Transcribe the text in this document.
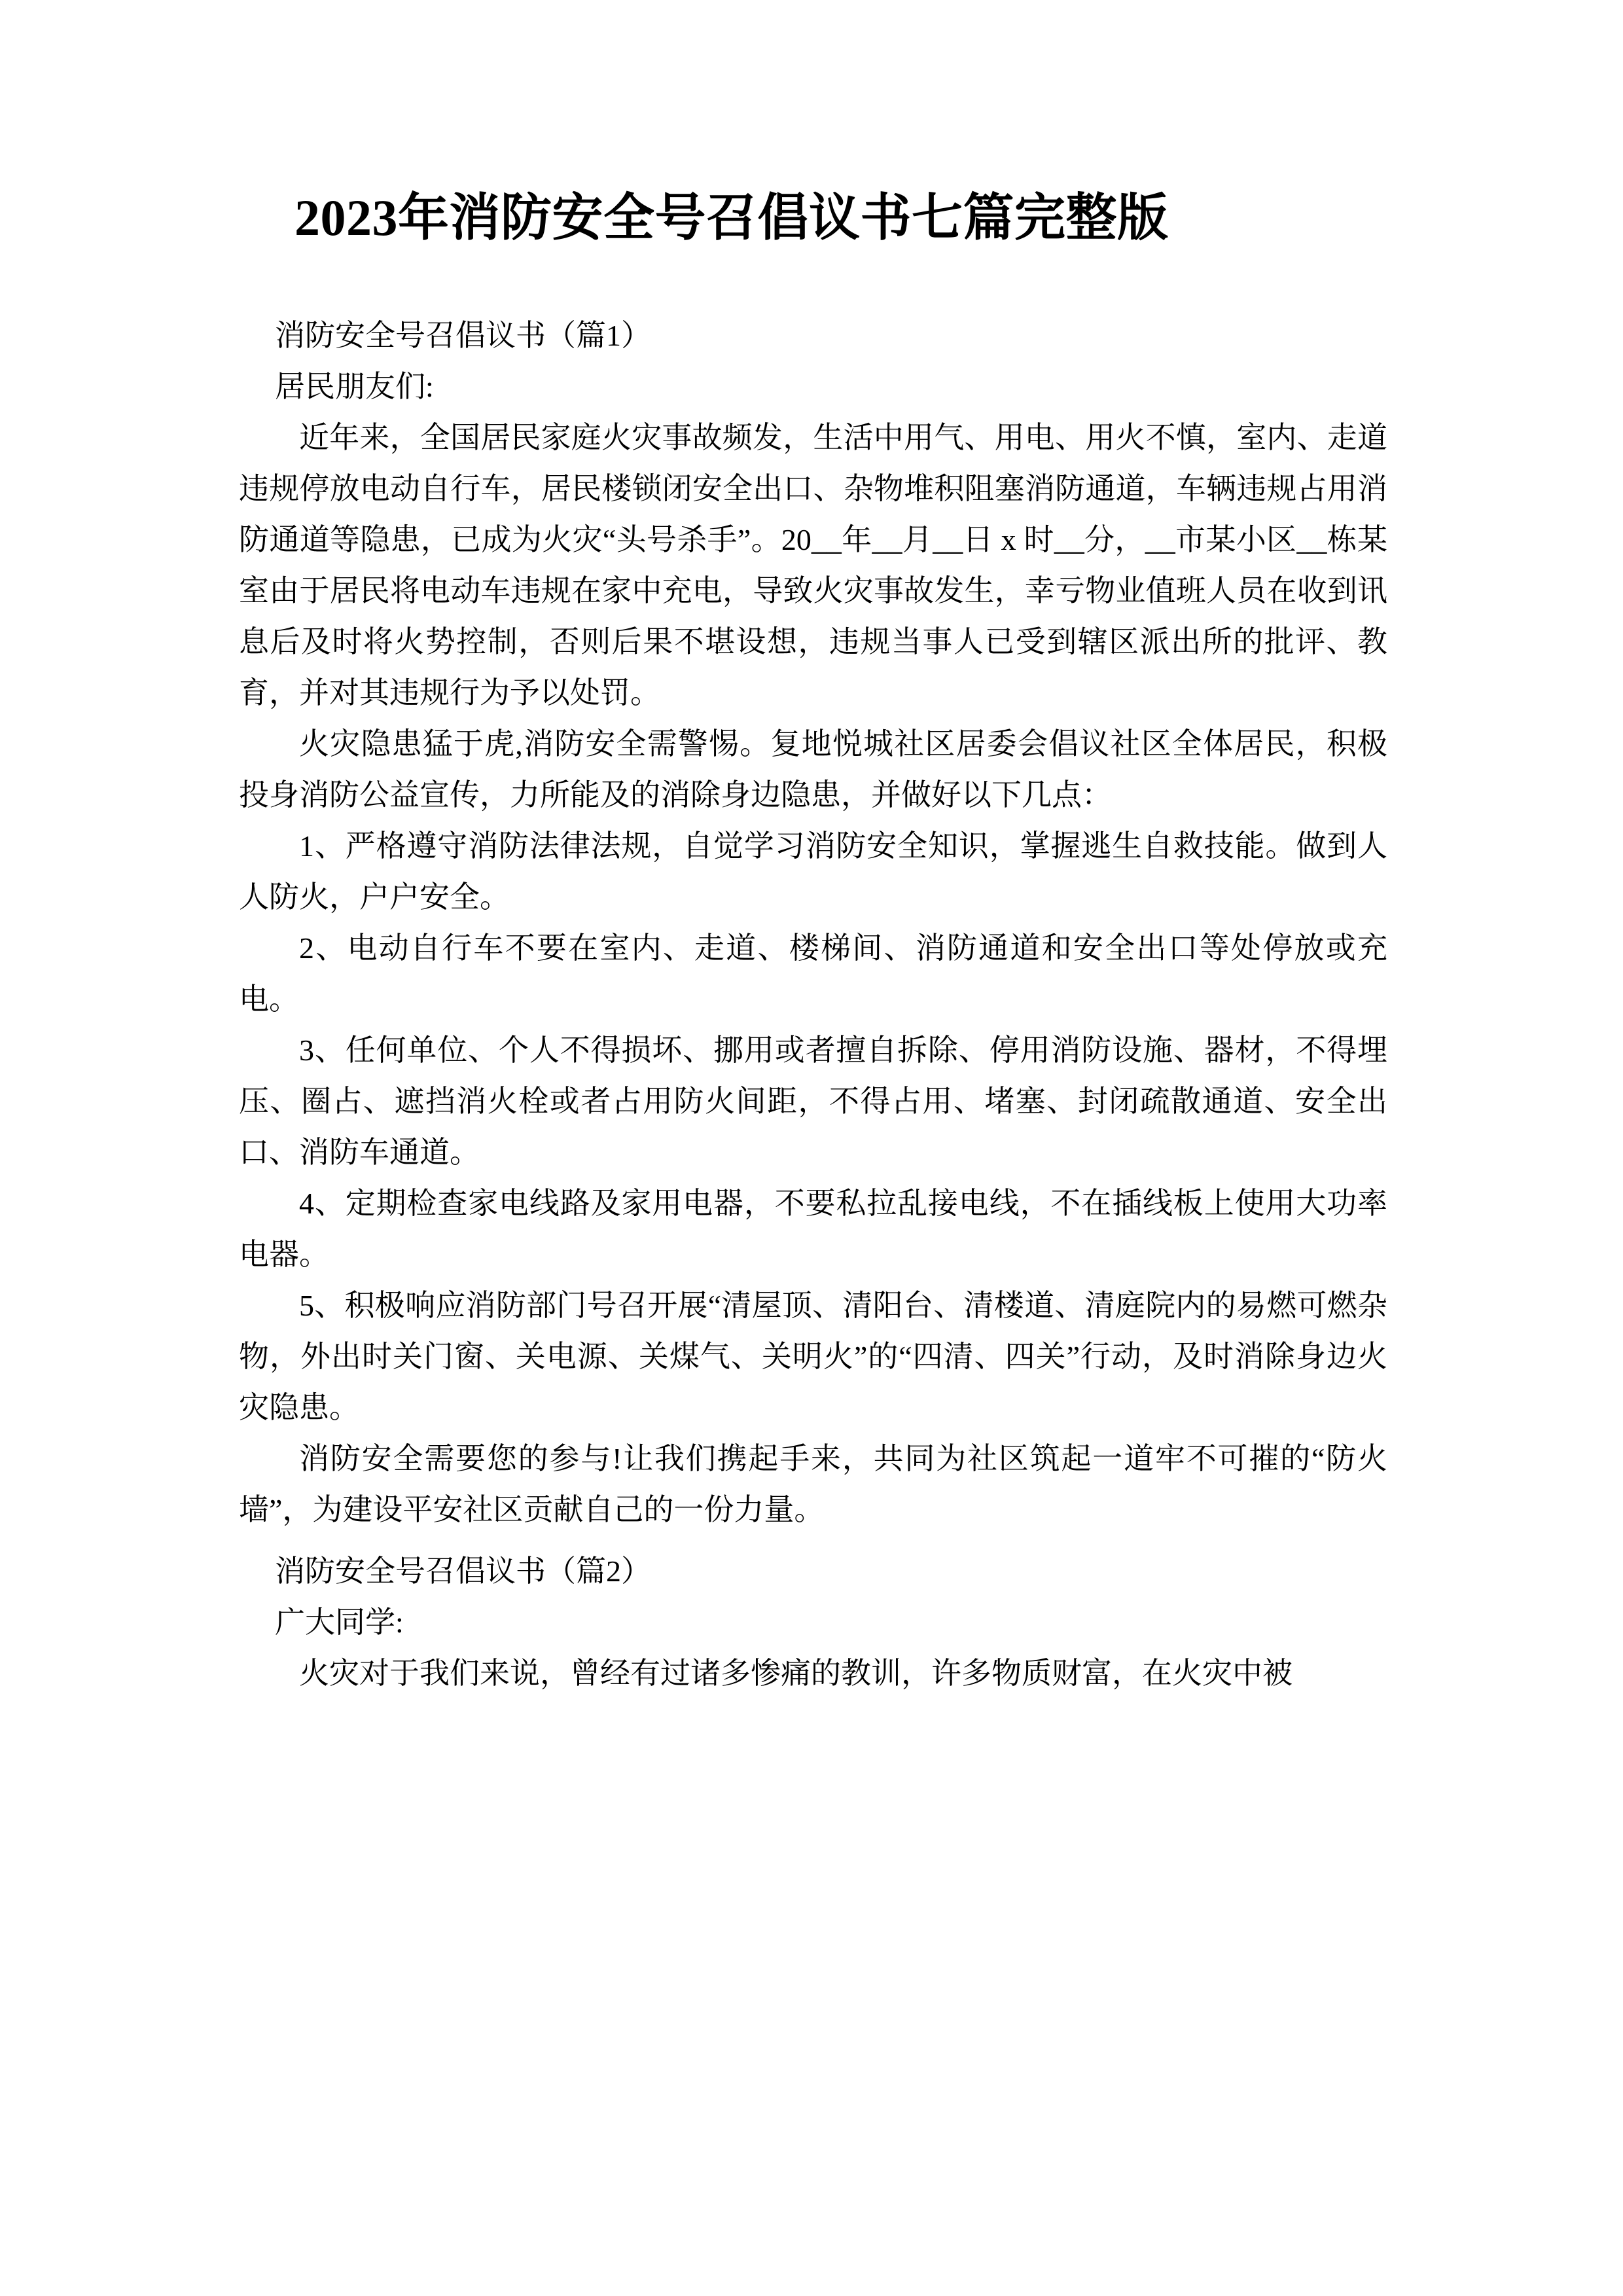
2023年消防安全号召倡议书七篇完整版

消防安全号召倡议书（篇1）

居民朋友们:

近年来，全国居民家庭火灾事故频发，生活中用气、用电、用火不慎，室内、走道违规停放电动自行车，居民楼锁闭安全出口、杂物堆积阻塞消防通道，车辆违规占用消防通道等隐患，已成为火灾“头号杀手”。20__年__月__日 x 时__分，__市某小区__栋某室由于居民将电动车违规在家中充电，导致火灾事故发生，幸亏物业值班人员在收到讯息后及时将火势控制，否则后果不堪设想，违规当事人已受到辖区派出所的批评、教育，并对其违规行为予以处罚。

火灾隐患猛于虎,消防安全需警惕。复地悦城社区居委会倡议社区全体居民，积极投身消防公益宣传，力所能及的消除身边隐患，并做好以下几点：

1、严格遵守消防法律法规，自觉学习消防安全知识，掌握逃生自救技能。做到人人防火，户户安全。

2、电动自行车不要在室内、走道、楼梯间、消防通道和安全出口等处停放或充电。

3、任何单位、个人不得损坏、挪用或者擅自拆除、停用消防设施、器材，不得埋压、圈占、遮挡消火栓或者占用防火间距，不得占用、堵塞、封闭疏散通道、安全出口、消防车通道。

4、定期检查家电线路及家用电器，不要私拉乱接电线，不在插线板上使用大功率电器。

5、积极响应消防部门号召开展“清屋顶、清阳台、清楼道、清庭院内的易燃可燃杂物，外出时关门窗、关电源、关煤气、关明火”的“四清、四关”行动，及时消除身边火灾隐患。

消防安全需要您的参与!让我们携起手来，共同为社区筑起一道牢不可摧的“防火墙”，为建设平安社区贡献自己的一份力量。

消防安全号召倡议书（篇2）

广大同学:

火灾对于我们来说，曾经有过诸多惨痛的教训，许多物质财富，在火灾中被
